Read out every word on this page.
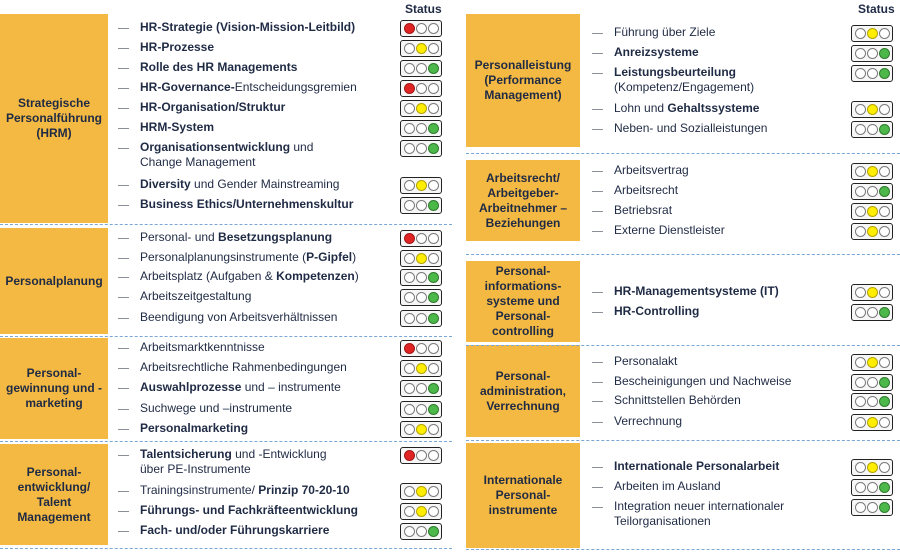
Status
Strategische Personalführung (HRM)
HR-Strategie (Vision-Mission-Leitbild)
HR-Prozesse
Rolle des HR Managements
HR-Governance-Entscheidungsgremien
HR-Organisation/Struktur
HRM-System
Organisationsentwicklung und
Change Management
Diversity und Gender Mainstreaming
Business Ethics/Unternehmenskultur
Personalplanung
Personal- und Besetzungsplanung
Personalplanungsinstrumente (P-Gipfel)
Arbeitsplatz (Aufgaben & Kompetenzen)
Arbeitszeitgestaltung
Beendigung von Arbeitsverhältnissen
Personal-gewinnung und -marketing
Arbeitsmarktkenntnisse
Arbeitsrechtliche Rahmenbedingungen
Auswahlprozesse und – instrumente
Suchwege und –instrumente
Personalmarketing
Personal-entwicklung/ Talent Management
Talentsicherung und -Entwicklung
über PE-Instrumente
Trainingsinstrumente/ Prinzip 70-20-10
Führungs- und Fachkräfteentwicklung
Fach- und/oder Führungskarriere
Status
Personalleistung (Performance Management)
Führung über Ziele
Anreizsysteme
Leistungsbeurteilung
(Kompetenz/Engagement)
Lohn und Gehaltssysteme
Neben- und Sozialleistungen
Arbeitsrecht/ Arbeitgeber-Arbeitnehmer – Beziehungen
Arbeitsvertrag
Arbeitsrecht
Betriebsrat
Externe Dienstleister
Personal-informations-systeme und Personal-controlling
HR-Managementsysteme (IT)
HR-Controlling
Personal-administration, Verrechnung
Personalakt
Bescheinigungen und Nachweise
Schnittstellen Behörden
Verrechnung
Internationale Personal-instrumente
Internationale Personalarbeit
Arbeiten im Ausland
Integration neuer internationaler
Teilorganisationen
